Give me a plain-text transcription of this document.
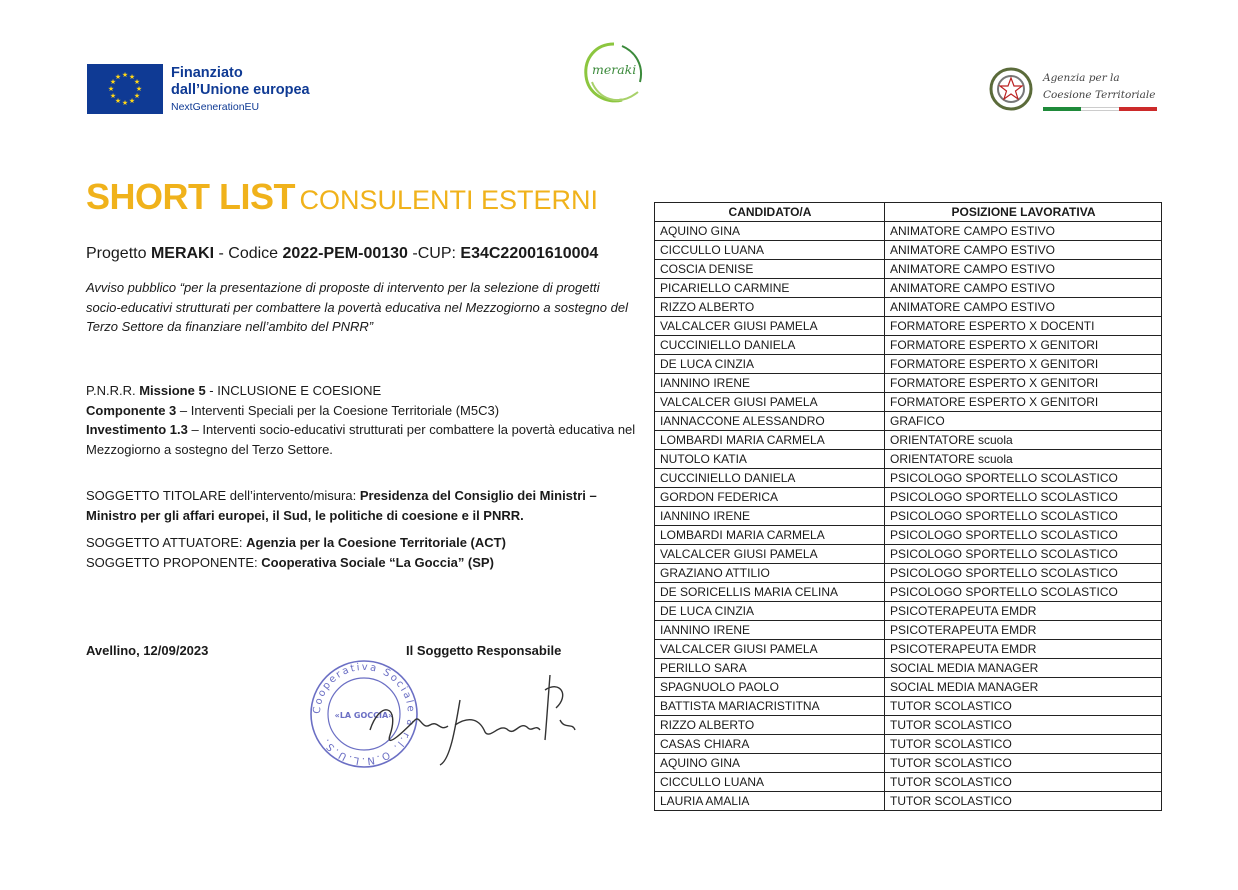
★ ★
★
★
★
★
★
★
★
★
★
★	Finanziato
dall’Unione europea
NextGenerationEU
meraki
Agenzia per la
Coesione Territoriale
SHORT LIST CONSULENTI ESTERNI
Progetto MERAKI - Codice 2022-PEM-00130 -CUP: E34C22001610004
Avviso pubblico “per la presentazione di proposte di intervento per la selezione di progetti socio-educativi strutturati per combattere la povertà educativa nel Mezzogiorno a sostegno del Terzo Settore da finanziare nell’ambito del PNRR”
P.N.R.R. Missione 5 - INCLUSIONE E COESIONE
Componente 3 – Interventi Speciali per la Coesione Territoriale (M5C3)
Investimento 1.3 – Interventi socio-educativi strutturati per combattere la povertà educativa nel Mezzogiorno a sostegno del Terzo Settore.
SOGGETTO TITOLARE dell’intervento/misura: Presidenza del Consiglio dei Ministri – Ministro per gli affari europei, il Sud, le politiche di coesione e il PNRR.
SOGGETTO ATTUATORE: Agenzia per la Coesione Territoriale (ACT)
SOGGETTO PROPONENTE: Cooperativa Sociale “La Goccia” (SP)
Avellino, 12/09/2023	Il Soggetto Responsabile
Cooperativa Sociale a r.l. O.N.L.U.S.
«LA GOCCIA»
CANDIDATO/A	POSIZIONE LAVORATIVA
AQUINO GINA	ANIMATORE CAMPO ESTIVO
CICCULLO LUANA	ANIMATORE CAMPO ESTIVO
COSCIA DENISE	ANIMATORE CAMPO ESTIVO
PICARIELLO CARMINE	ANIMATORE CAMPO ESTIVO
RIZZO ALBERTO	ANIMATORE CAMPO ESTIVO
VALCALCER GIUSI PAMELA	FORMATORE ESPERTO X DOCENTI
CUCCINIELLO DANIELA	FORMATORE ESPERTO X GENITORI
DE LUCA CINZIA	FORMATORE ESPERTO X GENITORI
IANNINO IRENE	FORMATORE ESPERTO X GENITORI
VALCALCER GIUSI PAMELA	FORMATORE ESPERTO X GENITORI
IANNACCONE ALESSANDRO	GRAFICO
LOMBARDI MARIA CARMELA	ORIENTATORE scuola
NUTOLO KATIA	ORIENTATORE scuola
CUCCINIELLO DANIELA	PSICOLOGO SPORTELLO SCOLASTICO
GORDON FEDERICA	PSICOLOGO SPORTELLO SCOLASTICO
IANNINO IRENE	PSICOLOGO SPORTELLO SCOLASTICO
LOMBARDI MARIA CARMELA	PSICOLOGO SPORTELLO SCOLASTICO
VALCALCER GIUSI PAMELA	PSICOLOGO SPORTELLO SCOLASTICO
GRAZIANO ATTILIO	PSICOLOGO SPORTELLO SCOLASTICO
DE SORICELLIS MARIA CELINA	PSICOLOGO SPORTELLO SCOLASTICO
DE LUCA CINZIA	PSICOTERAPEUTA EMDR
IANNINO IRENE	PSICOTERAPEUTA EMDR
VALCALCER GIUSI PAMELA	PSICOTERAPEUTA EMDR
PERILLO SARA	SOCIAL MEDIA MANAGER
SPAGNUOLO PAOLO	SOCIAL MEDIA MANAGER
BATTISTA MARIACRISTITNA	TUTOR SCOLASTICO
RIZZO ALBERTO	TUTOR SCOLASTICO
CASAS CHIARA	TUTOR SCOLASTICO
AQUINO GINA	TUTOR SCOLASTICO
CICCULLO LUANA	TUTOR SCOLASTICO
LAURIA AMALIA	TUTOR SCOLASTICO
